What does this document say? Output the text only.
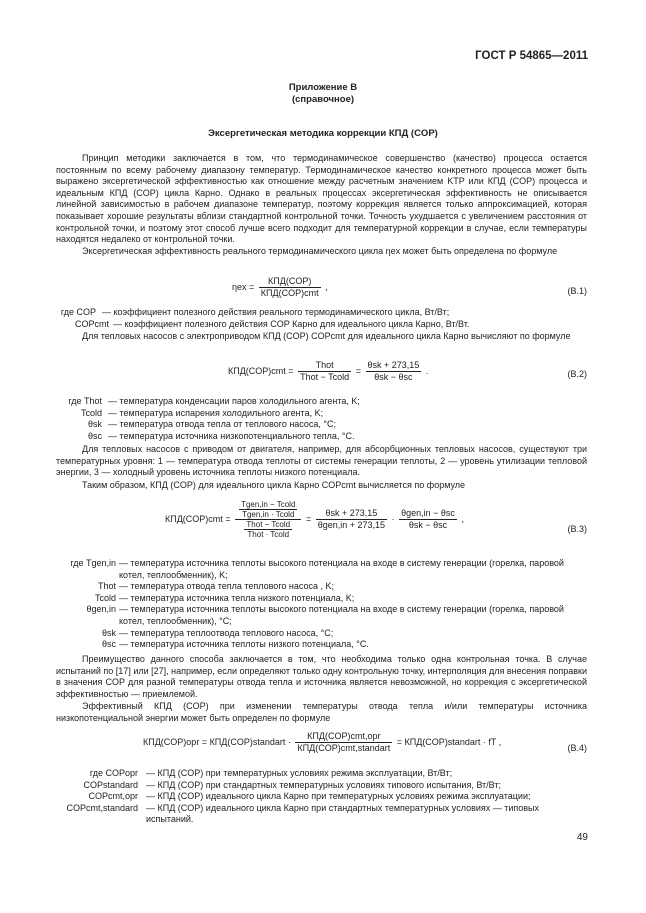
ГОСТ Р 54865—2011
Приложение В
(справочное)
Эксергетическая методика коррекции КПД (COP)
Принцип методики заключается в том, что термодинамическое совершенство (качество) процесса остается постоянным по всему рабочему диапазону температур. Термодинамическое качество конкретного процесса может быть выражено эксергетической эффективностью как отношение между расчетным значением KTP или КПД (COP) процесса и идеальным КПД (COP) цикла Карно. Однако в реальных процессах эксергетическая эффективность не описывается линейной зависимостью в рабочем диапазоне температур, поэтому коррекция является только аппроксимацией, которая показывает хорошие результаты вблизи стандартной контрольной точки. Точность ухудшается с увеличением расстояния от контрольной точки, и поэтому этот способ лучше всего подходит для температурной коррекции в случае, если температуры находятся недалеко от контрольной точки.
Эксергетическая эффективность реального термодинамического цикла ηex может быть определена по формуле
$\eta ex = \frac{\text{КПД(COP)}}{\text{КПД(COP)cmt}}$ ,	(В.1)
где COP — коэффициент полезного действия реального термодинамического цикла, Вт/Вт;
COPcmt — коэффициент полезного действия COP Карно для идеального цикла Карно, Вт/Вт.
Для тепловых насосов с электроприводом КПД (COP) COPcmt для идеального цикла Карно вычисляют по формуле
$КПД(COP)cmt = \frac{\text{Thot}}{\text{Thot − Tcold}} = \frac{\text{θsk + 273,15}}{\text{θsk − θsc}}$ .	(В.2)
где Thot — температура конденсации паров холодильного агента, K;
Tcold — температура испарения холодильного агента, K;
θsk — температура отвода тепла от теплового насоса, °С;
θsc — температура источника низкопотенциального тепла, °С.
Для тепловых насосов с приводом от двигателя, например, для абсорбционных тепловых насосов, существуют три температурных уровня: 1 — температура отвода теплоты от системы генерации теплоты, 2 — уровень утилизации тепловой энергии, 3 — холодный уровень источника теплоты низкого потенциала.
Таким образом, КПД (COP) для идеального цикла Карно COPcmt вычисляется по формуле
$КПД(COP)cmt = \frac{\frac{\text{Tgen,in − Tcold}}{\text{Tgen,in · Tcold}}}{\frac{\text{Thot − Tcold}}{\text{Thot · Tcold}}} = \frac{\text{θsk + 273,15}}{\text{θgen,in + 273,15}} \cdot \frac{\text{θgen,in − θsc}}{\text{θsk − θsc}}$ ,
(В.3)
где Tgen,in — температура источника теплоты высокого потенциала на входе в систему генерации (горелка, паровой котел, теплообменник), K;
Thot — температура отвода тепла теплового насоса , K;
Tcold — температура источника тепла низкого потенциала, K;
θgen,in — температура источника теплоты высокого потенциала на входе в систему генерации (горелка, паровой котел, теплообменник), °С;
θsk — температура теплоотвода теплового насоса, °С;
θsc — температура источника теплоты низкого потенциала, °С.
Преимущество данного способа заключается в том, что необходима только одна контрольная точка. В случае испытаний по [17] или [27], например, если определяют только одну контрольную точку, интерполяция для внесения поправки в значения COP для разной температуры отвода тепла и источника является невозможной, но коррекция с эксергетической эффективностью — приемлемой.
Эффективный КПД (COP) при изменении температуры отвода тепла и/или температуры источника низкопотенциальной энергии может быть определен по формуле
КПД(COP)opr = КПД(COP)standart · $\frac{\text{КПД(COP)cmt,opr}}{\text{КПД(COP)cmt,standart}}$ = КПД(COP)standart · fT ,
(В.4)
где COPopr — КПД (COP) при температурных условиях режима эксплуатации, Вт/Вт;
COPstandard — КПД (COP) при стандартных температурных условиях типового испытания, Вт/Вт;
COPcmt,opr — КПД (COP) идеального цикла Карно при температурных условиях режима эксплуатации;
COPcmt,standard — КПД (COP) идеального цикла Карно при стандартных температурных условиях — типовых испытаний.
49
